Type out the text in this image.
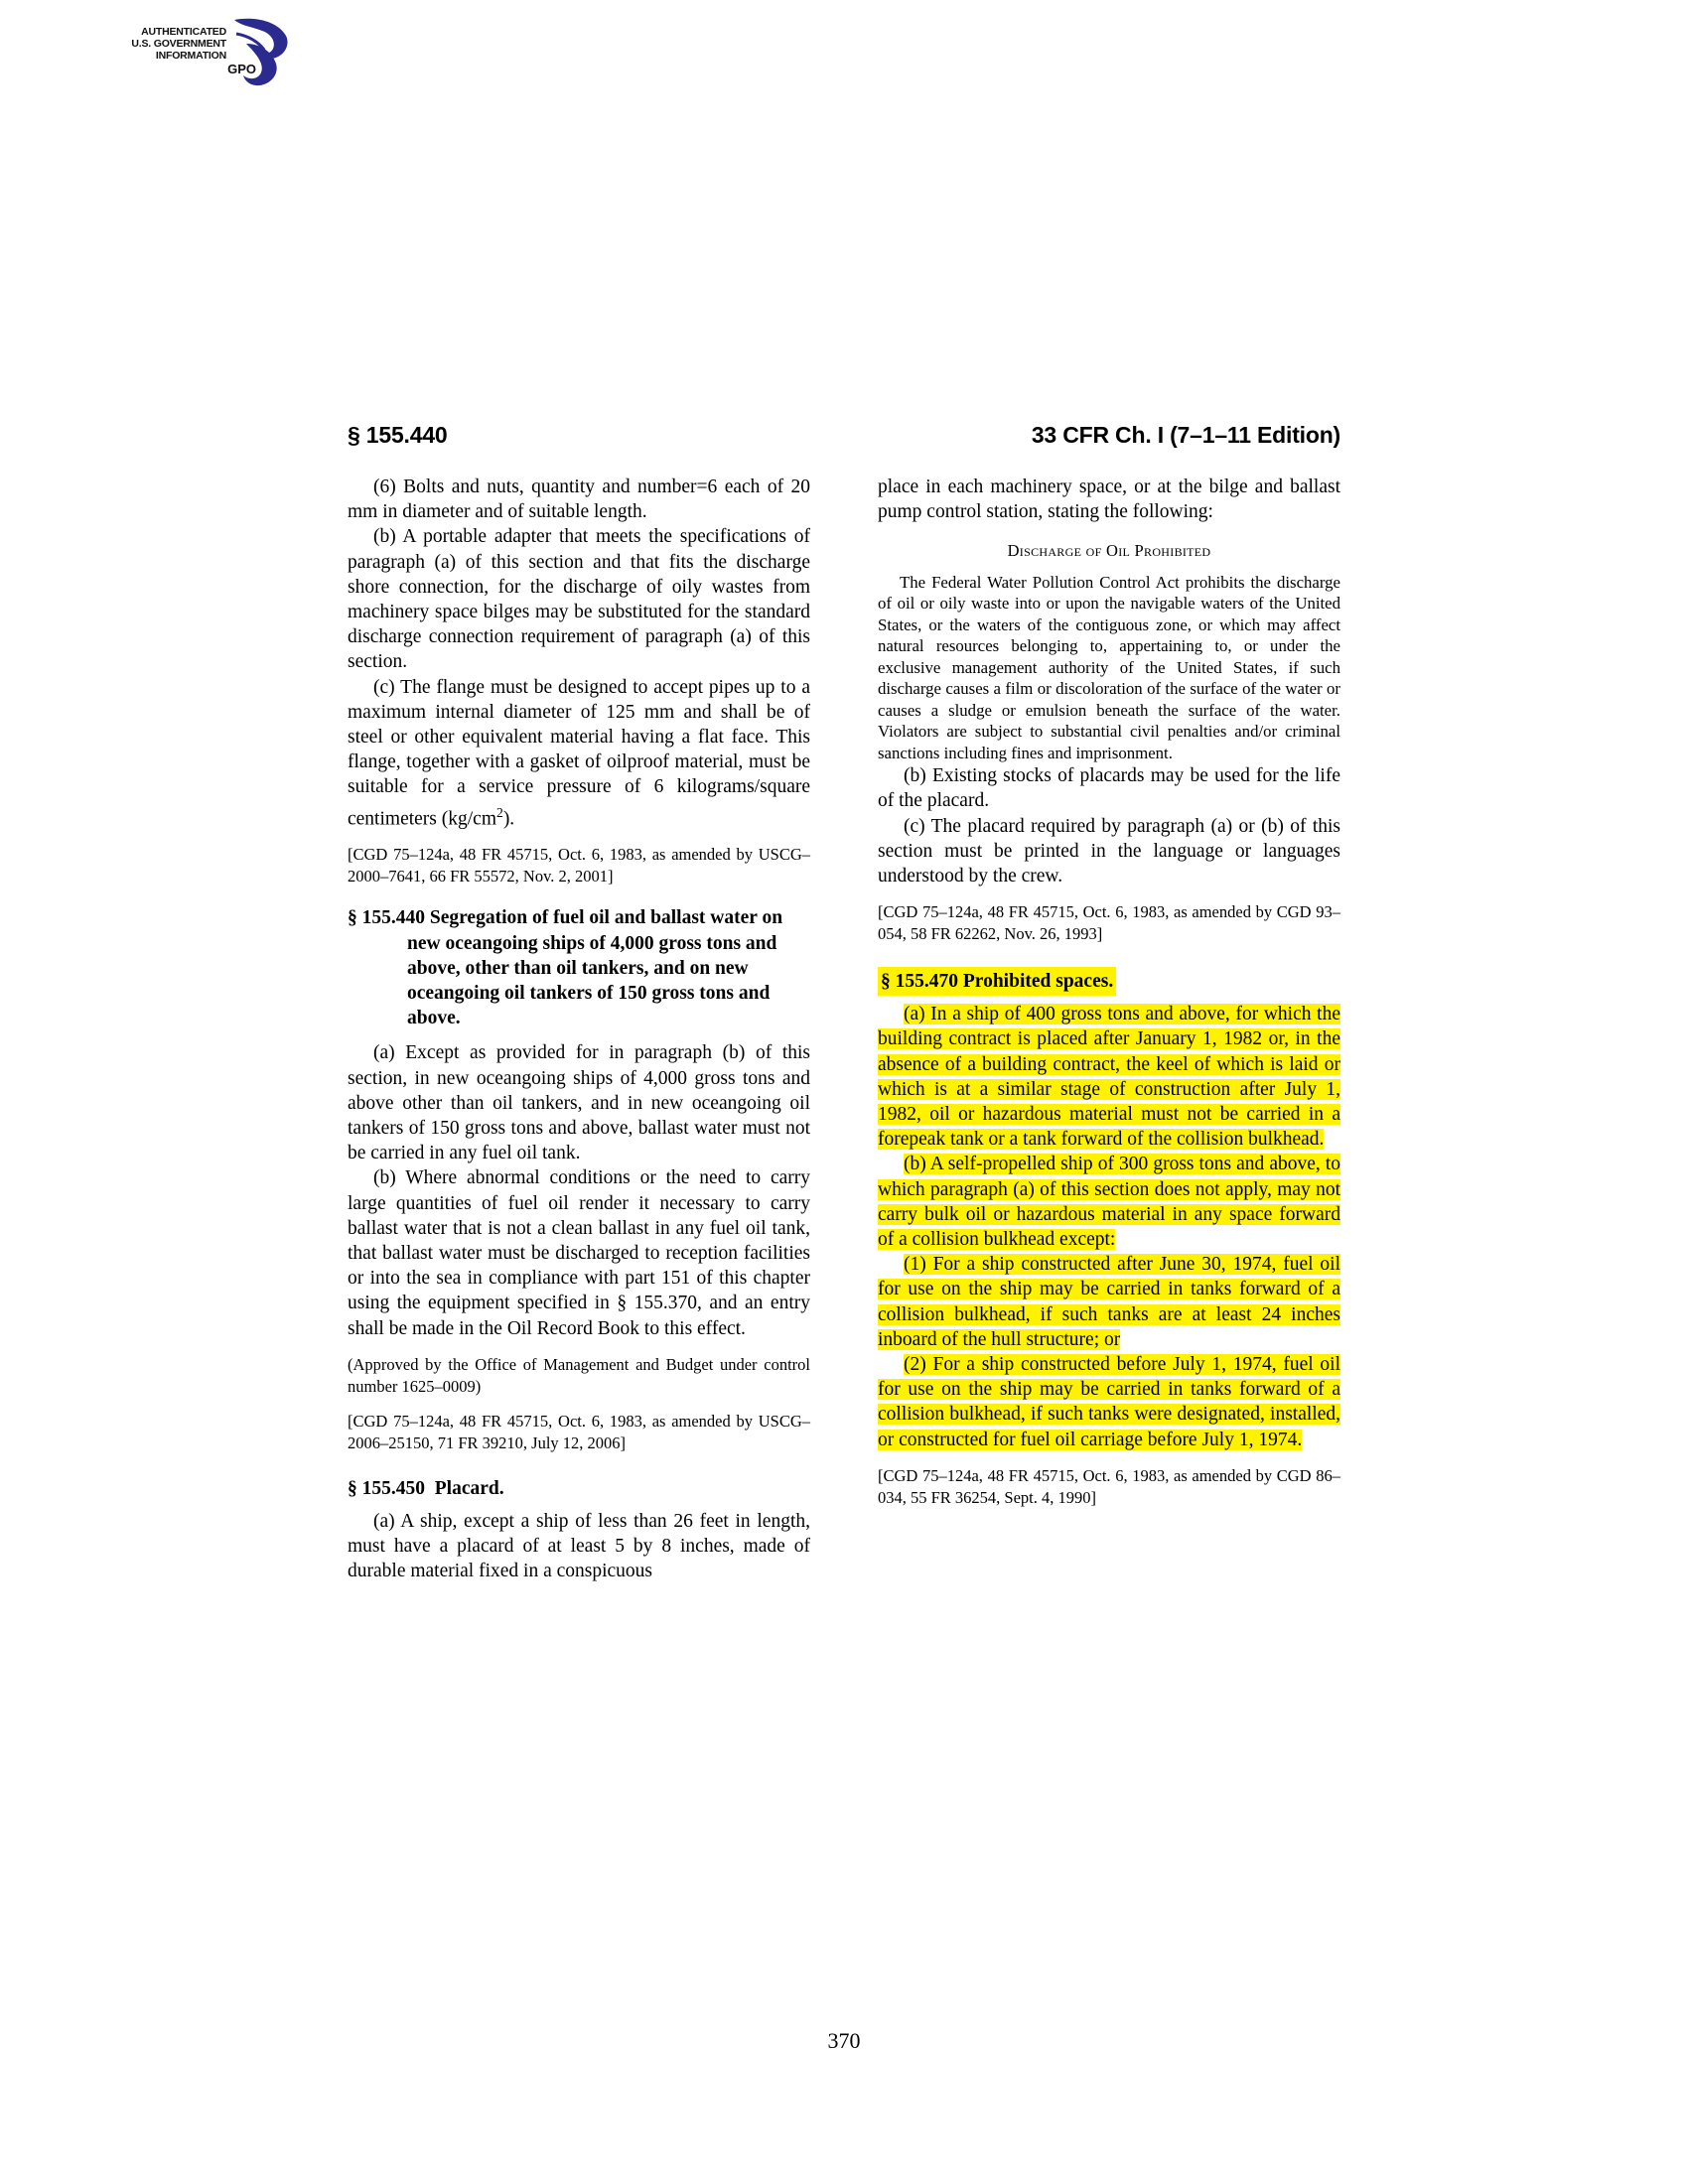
AUTHENTICATED
U.S. GOVERNMENT
INFORMATION
GPO
§ 155.440	33 CFR Ch. I (7–1–11 Edition)

(6) Bolts and nuts, quantity and number=6 each of 20 mm in diameter and of suitable length.

(b) A portable adapter that meets the specifications of paragraph (a) of this section and that fits the discharge shore connection, for the discharge of oily wastes from machinery space bilges may be substituted for the standard discharge connection requirement of paragraph (a) of this section.

(c) The flange must be designed to accept pipes up to a maximum internal diameter of 125 mm and shall be of steel or other equivalent material having a flat face. This flange, together with a gasket of oilproof material, must be suitable for a service pressure of 6 kilograms/square centimeters $(kg/cm^2)$.

[CGD 75–124a, 48 FR 45715, Oct. 6, 1983, as amended by USCG–2000–7641, 66 FR 55572, Nov. 2, 2001]

§ 155.440 Segregation of fuel oil and ballast water on new oceangoing ships of 4,000 gross tons and above, other than oil tankers, and on new oceangoing oil tankers of 150 gross tons and above.

(a) Except as provided for in paragraph (b) of this section, in new oceangoing ships of 4,000 gross tons and above other than oil tankers, and in new oceangoing oil tankers of 150 gross tons and above, ballast water must not be carried in any fuel oil tank.

(b) Where abnormal conditions or the need to carry large quantities of fuel oil render it necessary to carry ballast water that is not a clean ballast in any fuel oil tank, that ballast water must be discharged to reception facilities or into the sea in compliance with part 151 of this chapter using the equipment specified in § 155.370, and an entry shall be made in the Oil Record Book to this effect.

(Approved by the Office of Management and Budget under control number 1625–0009)

[CGD 75–124a, 48 FR 45715, Oct. 6, 1983, as amended by USCG–2006–25150, 71 FR 39210, July 12, 2006]

§ 155.450 Placard.

(a) A ship, except a ship of less than 26 feet in length, must have a placard of at least 5 by 8 inches, made of durable material fixed in a conspicuous

place in each machinery space, or at the bilge and ballast pump control station, stating the following:

Discharge of Oil Prohibited

The Federal Water Pollution Control Act prohibits the discharge of oil or oily waste into or upon the navigable waters of the United States, or the waters of the contiguous zone, or which may affect natural resources belonging to, appertaining to, or under the exclusive management authority of the United States, if such discharge causes a film or discoloration of the surface of the water or causes a sludge or emulsion beneath the surface of the water. Violators are subject to substantial civil penalties and/or criminal sanctions including fines and imprisonment.

(b) Existing stocks of placards may be used for the life of the placard.

(c) The placard required by paragraph (a) or (b) of this section must be printed in the language or languages understood by the crew.

[CGD 75–124a, 48 FR 45715, Oct. 6, 1983, as amended by CGD 93–054, 58 FR 62262, Nov. 26, 1993]

§ 155.470 Prohibited spaces.

(a) In a ship of 400 gross tons and above, for which the building contract is placed after January 1, 1982 or, in the absence of a building contract, the keel of which is laid or which is at a similar stage of construction after July 1, 1982, oil or hazardous material must not be carried in a forepeak tank or a tank forward of the collision bulkhead.

(b) A self-propelled ship of 300 gross tons and above, to which paragraph (a) of this section does not apply, may not carry bulk oil or hazardous material in any space forward of a collision bulkhead except:

(1) For a ship constructed after June 30, 1974, fuel oil for use on the ship may be carried in tanks forward of a collision bulkhead, if such tanks are at least 24 inches inboard of the hull structure; or

(2) For a ship constructed before July 1, 1974, fuel oil for use on the ship may be carried in tanks forward of a collision bulkhead, if such tanks were designated, installed, or constructed for fuel oil carriage before July 1, 1974.

[CGD 75–124a, 48 FR 45715, Oct. 6, 1983, as amended by CGD 86–034, 55 FR 36254, Sept. 4, 1990]

370
